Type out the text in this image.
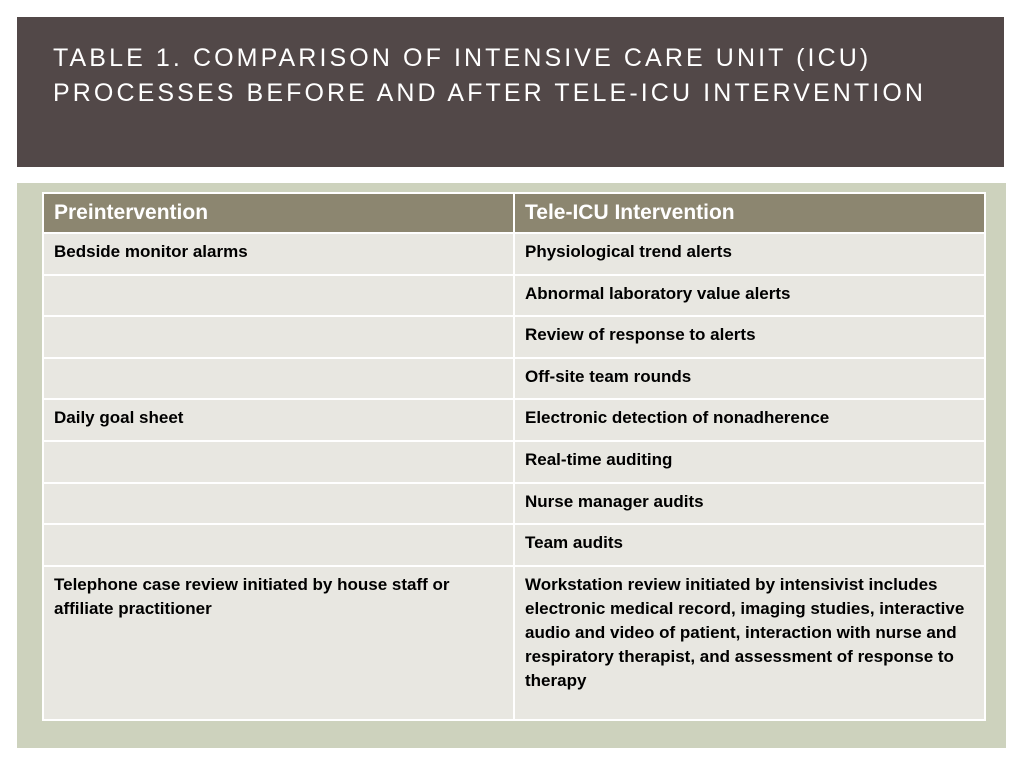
TABLE 1. COMPARISON OF INTENSIVE CARE UNIT (ICU) PROCESSES BEFORE AND AFTER TELE-ICU INTERVENTION
Preintervention	Tele-ICU Intervention
Bedside monitor alarms	Physiological trend alerts
	Abnormal laboratory value alerts
	Review of response to alerts
	Off-site team rounds
Daily goal sheet	Electronic detection of nonadherence
	Real-time auditing
	Nurse manager audits
	Team audits
Telephone case review initiated by house staff or affiliate practitioner	Workstation review initiated by intensivist includes electronic medical record, imaging studies, interactive audio and video of patient, interaction with nurse and respiratory therapist, and assessment of response to therapy
